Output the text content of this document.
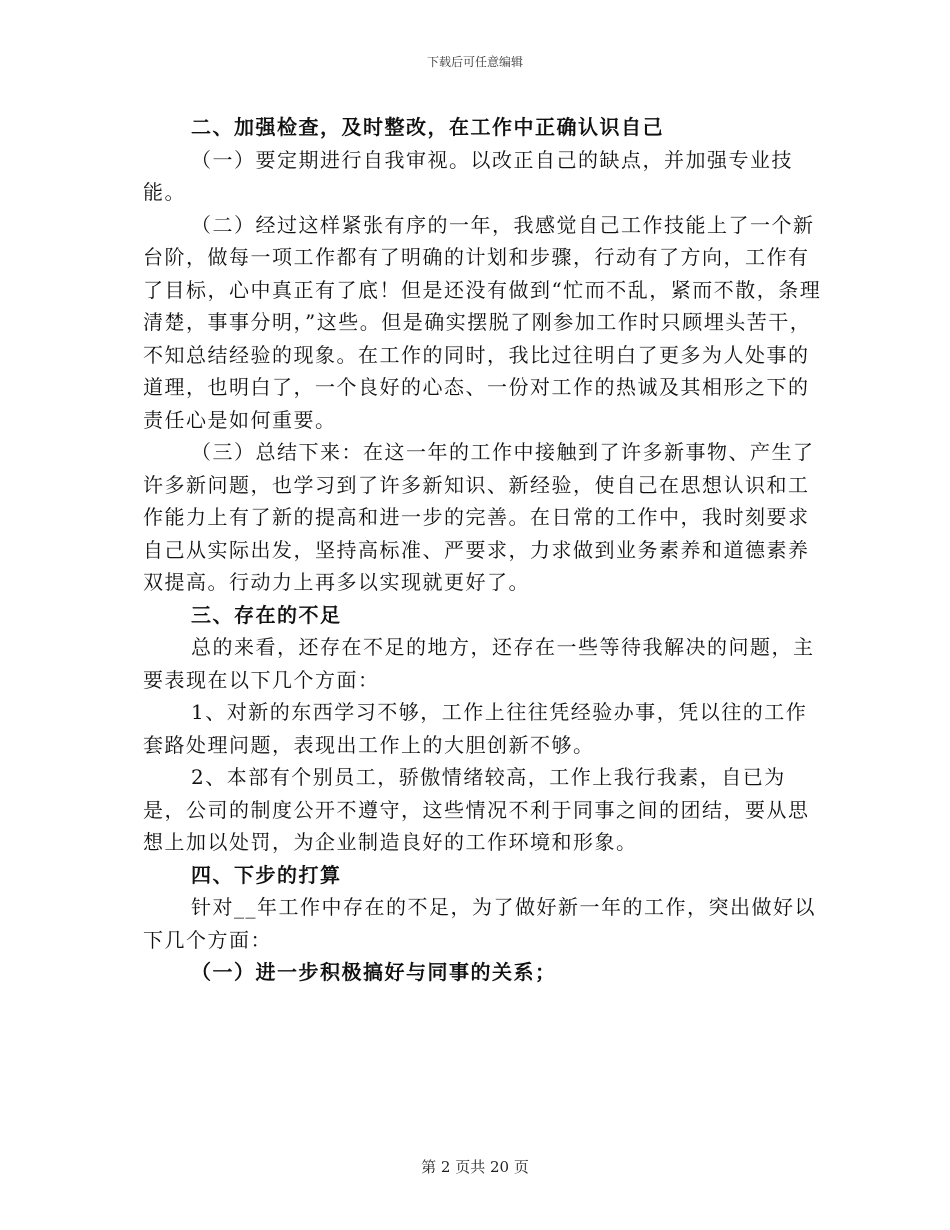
下载后可任意编辑

二、加强检查，及时整改，在工作中正确认识自己

（一）要定期进行自我审视。以改正自己的缺点，并加强专业技能。

（二）经过这样紧张有序的一年，我感觉自己工作技能上了一个新台阶，做每一项工作都有了明确的计划和步骤，行动有了方向，工作有了目标，心中真正有了底！但是还没有做到“忙而不乱，紧而不散，条理清楚，事事分明，”这些。但是确实摆脱了刚参加工作时只顾埋头苦干，不知总结经验的现象。在工作的同时，我比过往明白了更多为人处事的道理，也明白了，一个良好的心态、一份对工作的热诚及其相形之下的责任心是如何重要。

（三）总结下来：在这一年的工作中接触到了许多新事物、产生了许多新问题，也学习到了许多新知识、新经验，使自己在思想认识和工作能力上有了新的提高和进一步的完善。在日常的工作中，我时刻要求自己从实际出发，坚持高标准、严要求，力求做到业务素养和道德素养双提高。行动力上再多以实现就更好了。

三、存在的不足

总的来看，还存在不足的地方，还存在一些等待我解决的问题，主要表现在以下几个方面：

1、对新的东西学习不够，工作上往往凭经验办事，凭以往的工作套路处理问题，表现出工作上的大胆创新不够。

2、本部有个别员工，骄傲情绪较高，工作上我行我素，自已为是，公司的制度公开不遵守，这些情况不利于同事之间的团结，要从思想上加以处罚，为企业制造良好的工作环境和形象。

四、下步的打算

针对__年工作中存在的不足，为了做好新一年的工作，突出做好以下几个方面：

（一）进一步积极搞好与同事的关系；

第 2 页共 20 页
